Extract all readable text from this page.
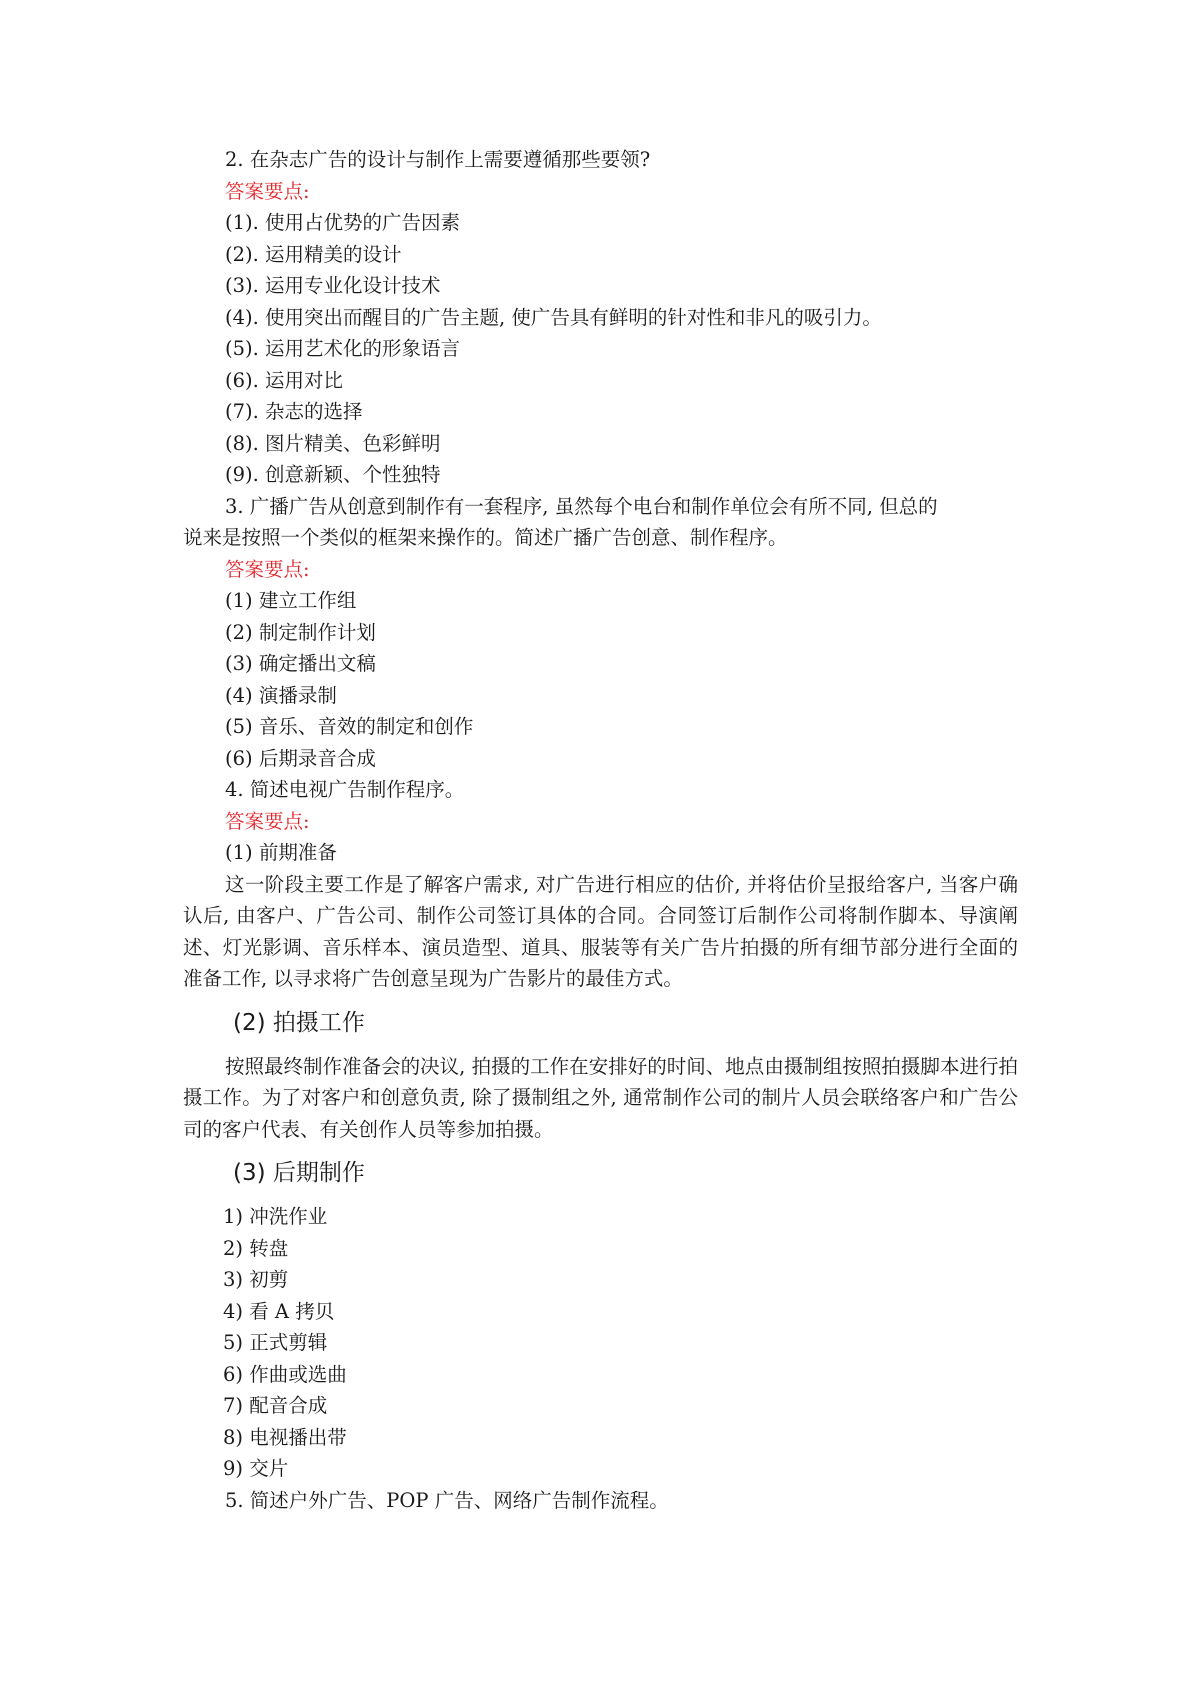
2. 在杂志广告的设计与制作上需要遵循那些要领?
答案要点:
(1). 使用占优势的广告因素
(2). 运用精美的设计
(3). 运用专业化设计技术
(4). 使用突出而醒目的广告主题, 使广告具有鲜明的针对性和非凡的吸引力。
(5). 运用艺术化的形象语言
(6). 运用对比
(7). 杂志的选择
(8). 图片精美、色彩鲜明
(9). 创意新颖、个性独特
3. 广播广告从创意到制作有一套程序, 虽然每个电台和制作单位会有所不同, 但总的
说来是按照一个类似的框架来操作的。简述广播广告创意、制作程序。
答案要点:
(1) 建立工作组
(2) 制定制作计划
(3) 确定播出文稿
(4) 演播录制
(5) 音乐、音效的制定和创作
(6) 后期录音合成
4. 简述电视广告制作程序。
答案要点:
(1) 前期准备

这一阶段主要工作是了解客户需求, 对广告进行相应的估价, 并将估价呈报给客户, 当客户确认后, 由客户、广告公司、制作公司签订具体的合同。合同签订后制作公司将制作脚本、导演阐述、灯光影调、音乐样本、演员造型、道具、服装等有关广告片拍摄的所有细节部分进行全面的准备工作, 以寻求将广告创意呈现为广告影片的最佳方式。

(2) 拍摄工作

按照最终制作准备会的决议, 拍摄的工作在安排好的时间、地点由摄制组按照拍摄脚本进行拍摄工作。为了对客户和创意负责, 除了摄制组之外, 通常制作公司的制片人员会联络客户和广告公司的客户代表、有关创作人员等参加拍摄。

(3) 后期制作
1) 冲洗作业
2) 转盘
3) 初剪
4) 看 A 拷贝
5) 正式剪辑
6) 作曲或选曲
7) 配音合成
8) 电视播出带
9) 交片
5. 简述户外广告、POP 广告、网络广告制作流程。
